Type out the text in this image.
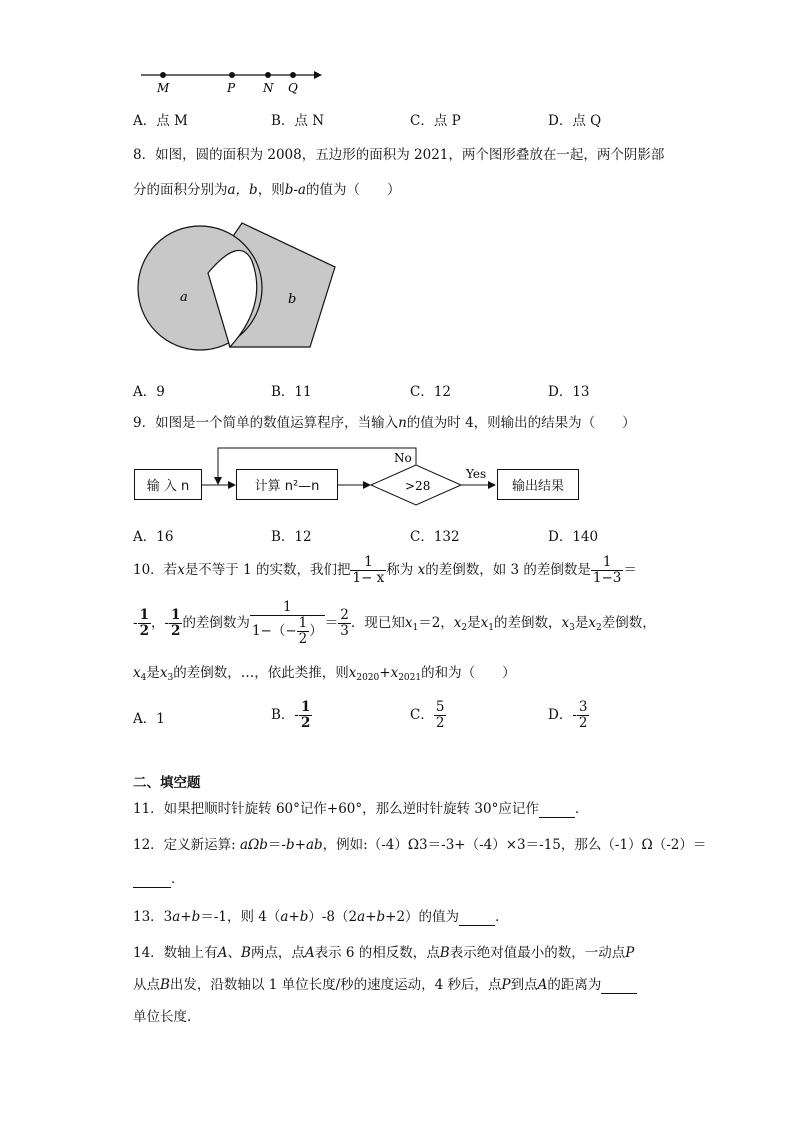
M	P N Q
A．点 M	B．点 N	C．点 P	D．点 Q
8．如图，圆的面积为 2008，五边形的面积为 2021，两个图形叠放在一起，两个阴影部
分的面积分别为a，b，则b-a的值为（　　）
a	b
A．9	B．11	C．12	D．13
9．如图是一个简单的数值运算程序，当输入n的值为时 4，则输出的结果为（　　）
>28
No
Yes
输 入 n	计算 n²—n	输出结果
A．16	B．12	C．132	D．140
10．若x是不等于 1 的实数，我们把 $\frac{1}{1- x}$ 称为 x的差倒数，如 3 的差倒数是 $\frac{1}{1-3}$ ＝
- $\frac{1}{2}$ ，- $\frac{1}{2}$ 的差倒数为 $\frac{1}{1-(- \frac{1}{2} )} = \frac{2}{3}$ ．现已知$x_1=2$，$x_2$是$x_1$的差倒数，$x_3$是$x_2$差倒数，
$x_4$是$x_3$的差倒数，…，依此类推，则$x_{2020}+x_{2021}$的和为（　　）
A．1	B．- $\frac{1}{2}$	C． $\frac{5}{2}$	D．- $\frac{3}{2}$
二、填空题
11．如果把顺时针旋转 60°记作+60°，那么逆时针旋转 30°应记作	．
12．定义新运算: aΩb＝-b+ab，例如:（-4）Ω3＝-3+（-4）×3＝-15，那么（-1）Ω（-2）＝
．
13．3a+b＝-1，则 4（a+b）-8（2a+b+2）的值为	．
14．数轴上有A、B两点，点A表示 6 的相反数，点B表示绝对值最小的数，一动点P
从点B出发，沿数轴以 1 单位长度/秒的速度运动，4 秒后，点P到点A的距离为
单位长度．
